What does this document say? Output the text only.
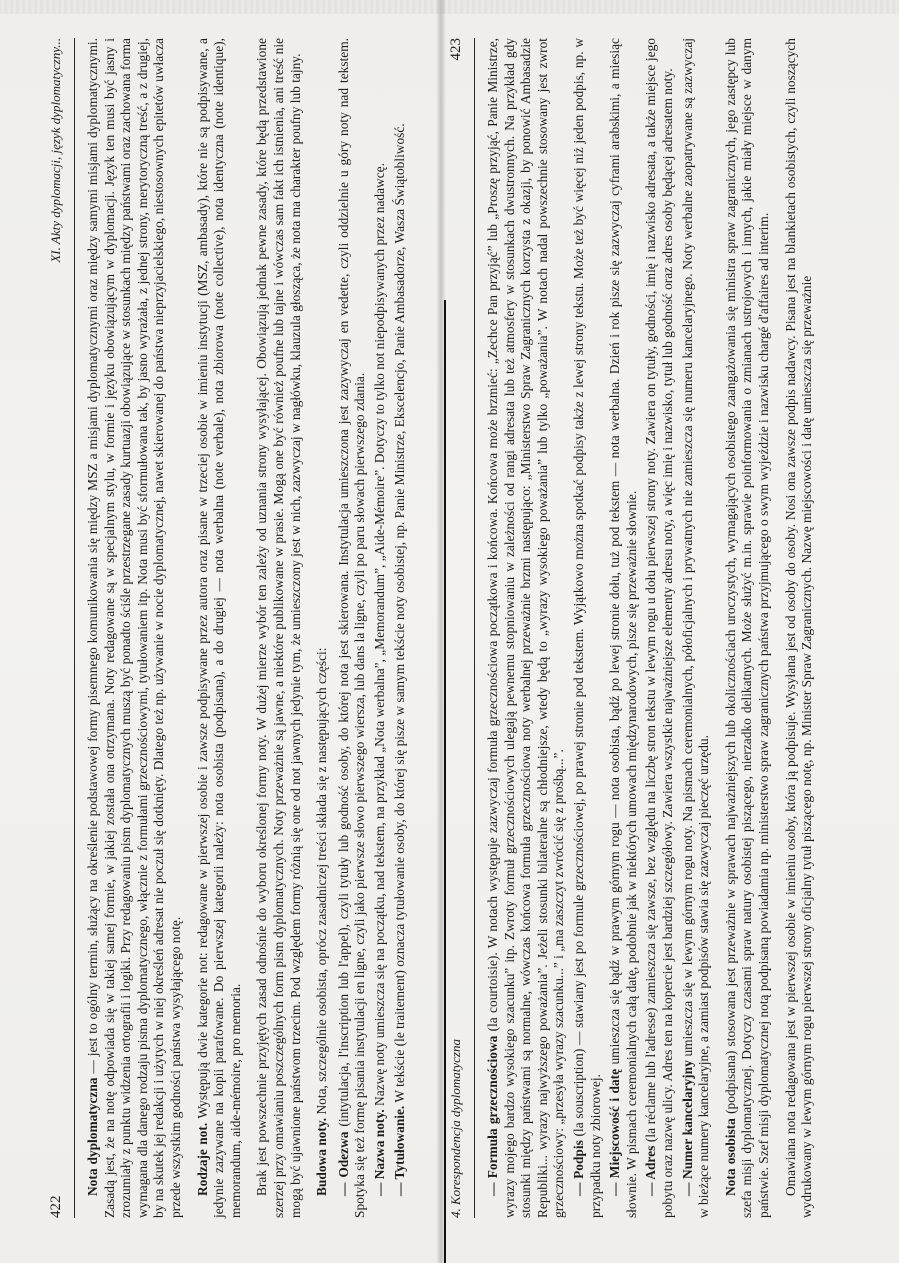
422
XI. Akty dyplomacji, język dyplomatyczny...

Nota dyplomatyczna — jest to ogólny termin, służący na określenie podstawowej formy pisemnego komunikowania się między MSZ a misjami dyplomatycznymi oraz między samymi misjami dyplomatycznymi. Zasadą jest, że na notę odpowiada się w takiej samej formie, w jakiej została ona otrzymana. Noty redagowane są w specjalnym stylu, w formie i języku obowiązującym w dyplomacji. Język ten musi być jasny i zrozumiały z punktu widzenia ortografii i logiki. Przy redagowaniu pism dyplomatycznych muszą być ponadto ściśle przestrzegane zasady kurtuazji obowiązujące w stosunkach między państwami oraz zachowana forma wymagana dla danego rodzaju pisma dyplomatycznego, włącznie z formułami grzecznościowymi, tytułowaniem itp. Nota musi być sformułowana tak, by jasno wyrażała, z jednej strony, merytoryczną treść, a z drugiej, by na skutek jej redakcji i użytych w niej określeń adresat nie poczuł się dotknięty. Dlatego też np. używanie w nocie dyplomatycznej, nawet skierowanej do państwa nieprzyjacielskiego, niestosownych epitetów uwłacza przede wszystkim godności państwa wysyłającego notę. Rodzaje not. Występują dwie kategorie not: redagowane w pierwszej osobie i zawsze podpisywane przez autora oraz pisane w trzeciej osobie w imieniu instytucji (MSZ, ambasady), które nie są podpisywane, a jedynie zazywane na kopii parafowane. Do pierwszej kategorii należy: nota osobista (podpisana), a do drugiej — nota werbalna (note verbale), nota zbiorowa (note collective), nota identyczna (note identique), memorandum, aide-mémoire, pro memoria. Brak jest powszechnie przyjętych zasad odnośnie do wyboru określonej formy noty. W dużej mierze wybór ten zależy od uznania strony wysyłającej. Obowiązują jednak pewne zasady, które będą przedstawione szerzej przy omawianiu poszczególnych form pism dyplomatycznych. Noty przeważnie są jawne, a niektóre publikowane w prasie. Mogą one być również poufne lub tajne i wówczas sam fakt ich istnienia, ani treść nie mogą być ujawnione państwom trzecim. Pod względem formy różnią się one od not jawnych jedynie tym, że umieszczony jest w nich, zazwyczaj w nagłówku, klauzula głosząca, że nota ma charakter poufny lub tajny. Budowa noty. Nota, szczególnie osobista, oprócz zasadniczej treści składa się z następujących części:

— Odezwa (intytulacja, l'inscription lub l'appel), czyli tytuły lub godność osoby, do której nota jest skierowana. Instytulacja umieszczona jest zazywyczaj en vedette, czyli oddzielnie u góry noty nad tekstem. Spotyka się też formę pisania instytulacji en ligne, czyli jako pierwsze słowo pierwszego wiersza, lub dans la ligne, czyli po paru słowach pierwszego zdania. — Nazwa noty. Nazwę noty umieszcza się na początku, nad tekstem, na przykład „Nota werbalna”, „Memorandum”, „Aide-Mémoire”. Dotyczy to tylko not niepodpisywanych przez nadawcę.

— Tytułowanie. W tekście (le traitement) oznacza tytułowanie osoby, do której się pisze w samym tekście noty osobistej, np. Panie Ministrze, Ekscelencjo, Panie Ambasadorze, Wasza Świątobliwość.

4. Korespondencja dyplomatyczna
423

— Formuła grzecznościowa (la courtoisie). W notach występuje zazwyczaj formuła grzecznościowa początkowa i końcowa. Końcowa może brzmieć: „Zechce Pan przyjąć” lub „Proszę przyjąć, Panie Ministrze, wyrazy mojego bardzo wysokiego szacunku” itp. Zwroty formuł grzecznościowych ulegają pewnemu stopniowaniu w zależności od rangi adresata lub też atmosfery w stosunkach dwustronnych. Na przykład gdy stosunki między państwami są normalne, wówczas końcowa formuła grzecznościowa noty werbalnej przeważnie brzmi następująco: „Ministerstwo Spraw Zagranicznych korzysta z okazji, by ponowić Ambasadzie Republiki... wyrazy najwyższego poważania”. Jeżeli stosunki bilateralne są chłodniejsze, wtedy będą to „wyrazy wysokiego poważania” lub tylko „poważania”. W notach nadal powszechnie stosowany jest zwrot grzecznościowy: „przesyła wyrazy szacunku...” i „ma zaszczyt zwrócić się z prośbą...”. — Podpis (la souscription) — stawiany jest po formule grzecznościowej, po prawej stronie pod tekstem. Wyjątkowo można spotkać podpisy także z lewej strony tekstu. Może też być więcej niż jeden podpis, np. w przypadku noty zbiorowej. — Miejscowość i datę umieszcza się bądź w prawym górnym rogu — nota osobista, bądź po lewej stronie dołu, tuż pod tekstem — nota werbalna. Dzień i rok pisze się zazwyczaj cyframi arabskimi, a miesiąc słownie. W pismach ceremonialnych całą datę, podobnie jak w niektórych umowach międzynarodowych, pisze się przeważnie słownie. — Adres (la réclame lub l'adresse) zamieszcza się zawsze, bez względu na liczbę stron tekstu w lewym rogu u dołu pierwszej strony noty. Zawiera on tytuły, godności, imię i nazwisko adresata, a także miejsce jego pobytu oraz nazwę ulicy. Adres ten na kopercie jest bardziej szczegółowy. Zawiera wszystkie najważniejsze elementy adresu noty, a więc imię i nazwisko, tytuł lub godność oraz adres osoby będącej adresatem noty. — Numer kancelaryjny umieszcza się w lewym górnym rogu noty. Na pismach ceremonialnych, półoficjalnych i prywatnych nie zamieszcza się numeru kancelaryjnego. Noty werbalne zaopatrywane są zazwyczaj w bieżące numery kancelaryjne, a zamiast podpisów stawia się zazwyczaj pieczęć urzędu. Nota osobista (podpisana) stosowana jest przeważnie w sprawach najważniejszych lub okolicznościach uroczystych, wymagających osobistego zaangażowania się ministra spraw zagranicznych, jego zastępcy lub szefa misji dyplomatycznej. Dotyczy czasami spraw natury osobistej piszącego, nierzadko delikatnych. Może służyć m.in. sprawie poinformowania o zmianach ustrojowych i innych, jakie miały miejsce w danym państwie. Szef misji dyplomatycznej notą podpisaną powiadamia np. ministerstwo spraw zagranicznych państwa przyjmującego o swym wyjeździe i nazwisku chargé d'affaires ad interim. Omawiana nota redagowana jest w pierwszej osobie w imieniu osoby, która ją podpisuje. Wysyłana jest od osoby do osoby. Nosi ona zawsze podpis nadawcy. Pisana jest na blankietach osobistych, czyli noszących wydrukowany w lewym górnym rogu pierwszej strony oficjalny tytuł piszącego notę, np. Minister Spraw Zagranicznych. Nazwę miejscowości i datę umieszcza się przeważnie
